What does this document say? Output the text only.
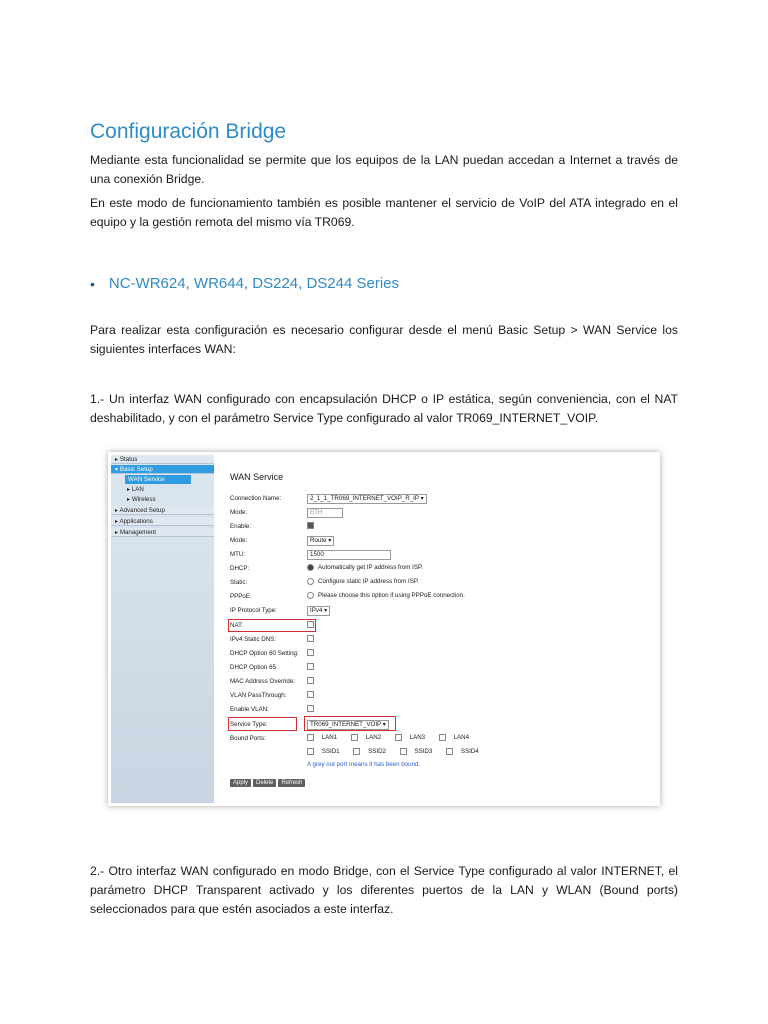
Configuración Bridge
Mediante esta funcionalidad se permite que los equipos de la LAN puedan accedan a Internet a través de una conexión Bridge.
En este modo de funcionamiento también es posible mantener el servicio de VoIP del ATA integrado en el equipo y la gestión remota del mismo vía TR069.
• NC-WR624, WR644, DS224, DS244 Series
Para realizar esta configuración es necesario configurar desde el menú Basic Setup > WAN Service los siguientes interfaces WAN:
1.- Un interfaz WAN configurado con encapsulación DHCP o IP estática, según conveniencia, con el NAT deshabilitado, y con el parámetro Service Type configurado al valor TR069_INTERNET_VOIP.
▸ Status
▾ Basic Setup
WAN Service
▸ LAN
▸ Wireless
▸ Advanced Setup
▸ Applications
▸ Management
WAN Service
Connection Name:	2_1_1_TR069_INTERNET_VOIP_R_IP ▾
Mode:	ETH
Enable:
Mode:	Route ▾
MTU:	1500
DHCP:	Automatically get IP address from ISP.
Static:	Configure static IP address from ISP.
PPPoE:	Please choose this option if using PPPoE connection.
IP Protocol Type:	IPv4 ▾
NAT:
IPv4 Static DNS:
DHCP Option 60 Setting:
DHCP Option 65
MAC Address Override:
VLAN PassThrough:
Enable VLAN:
Service Type:	TR069_INTERNET_VOIP ▾
Bound Ports:	LAN1	LAN2	LAN3	LAN4
SSID1	SSID2	SSID3	SSID4
A grey out port means it has been bound.
Apply Delete Refresh
2.- Otro interfaz WAN configurado en modo Bridge, con el Service Type configurado al valor INTERNET, el parámetro DHCP Transparent activado y los diferentes puertos de la LAN y WLAN (Bound ports) seleccionados para que estén asociados a este interfaz.
